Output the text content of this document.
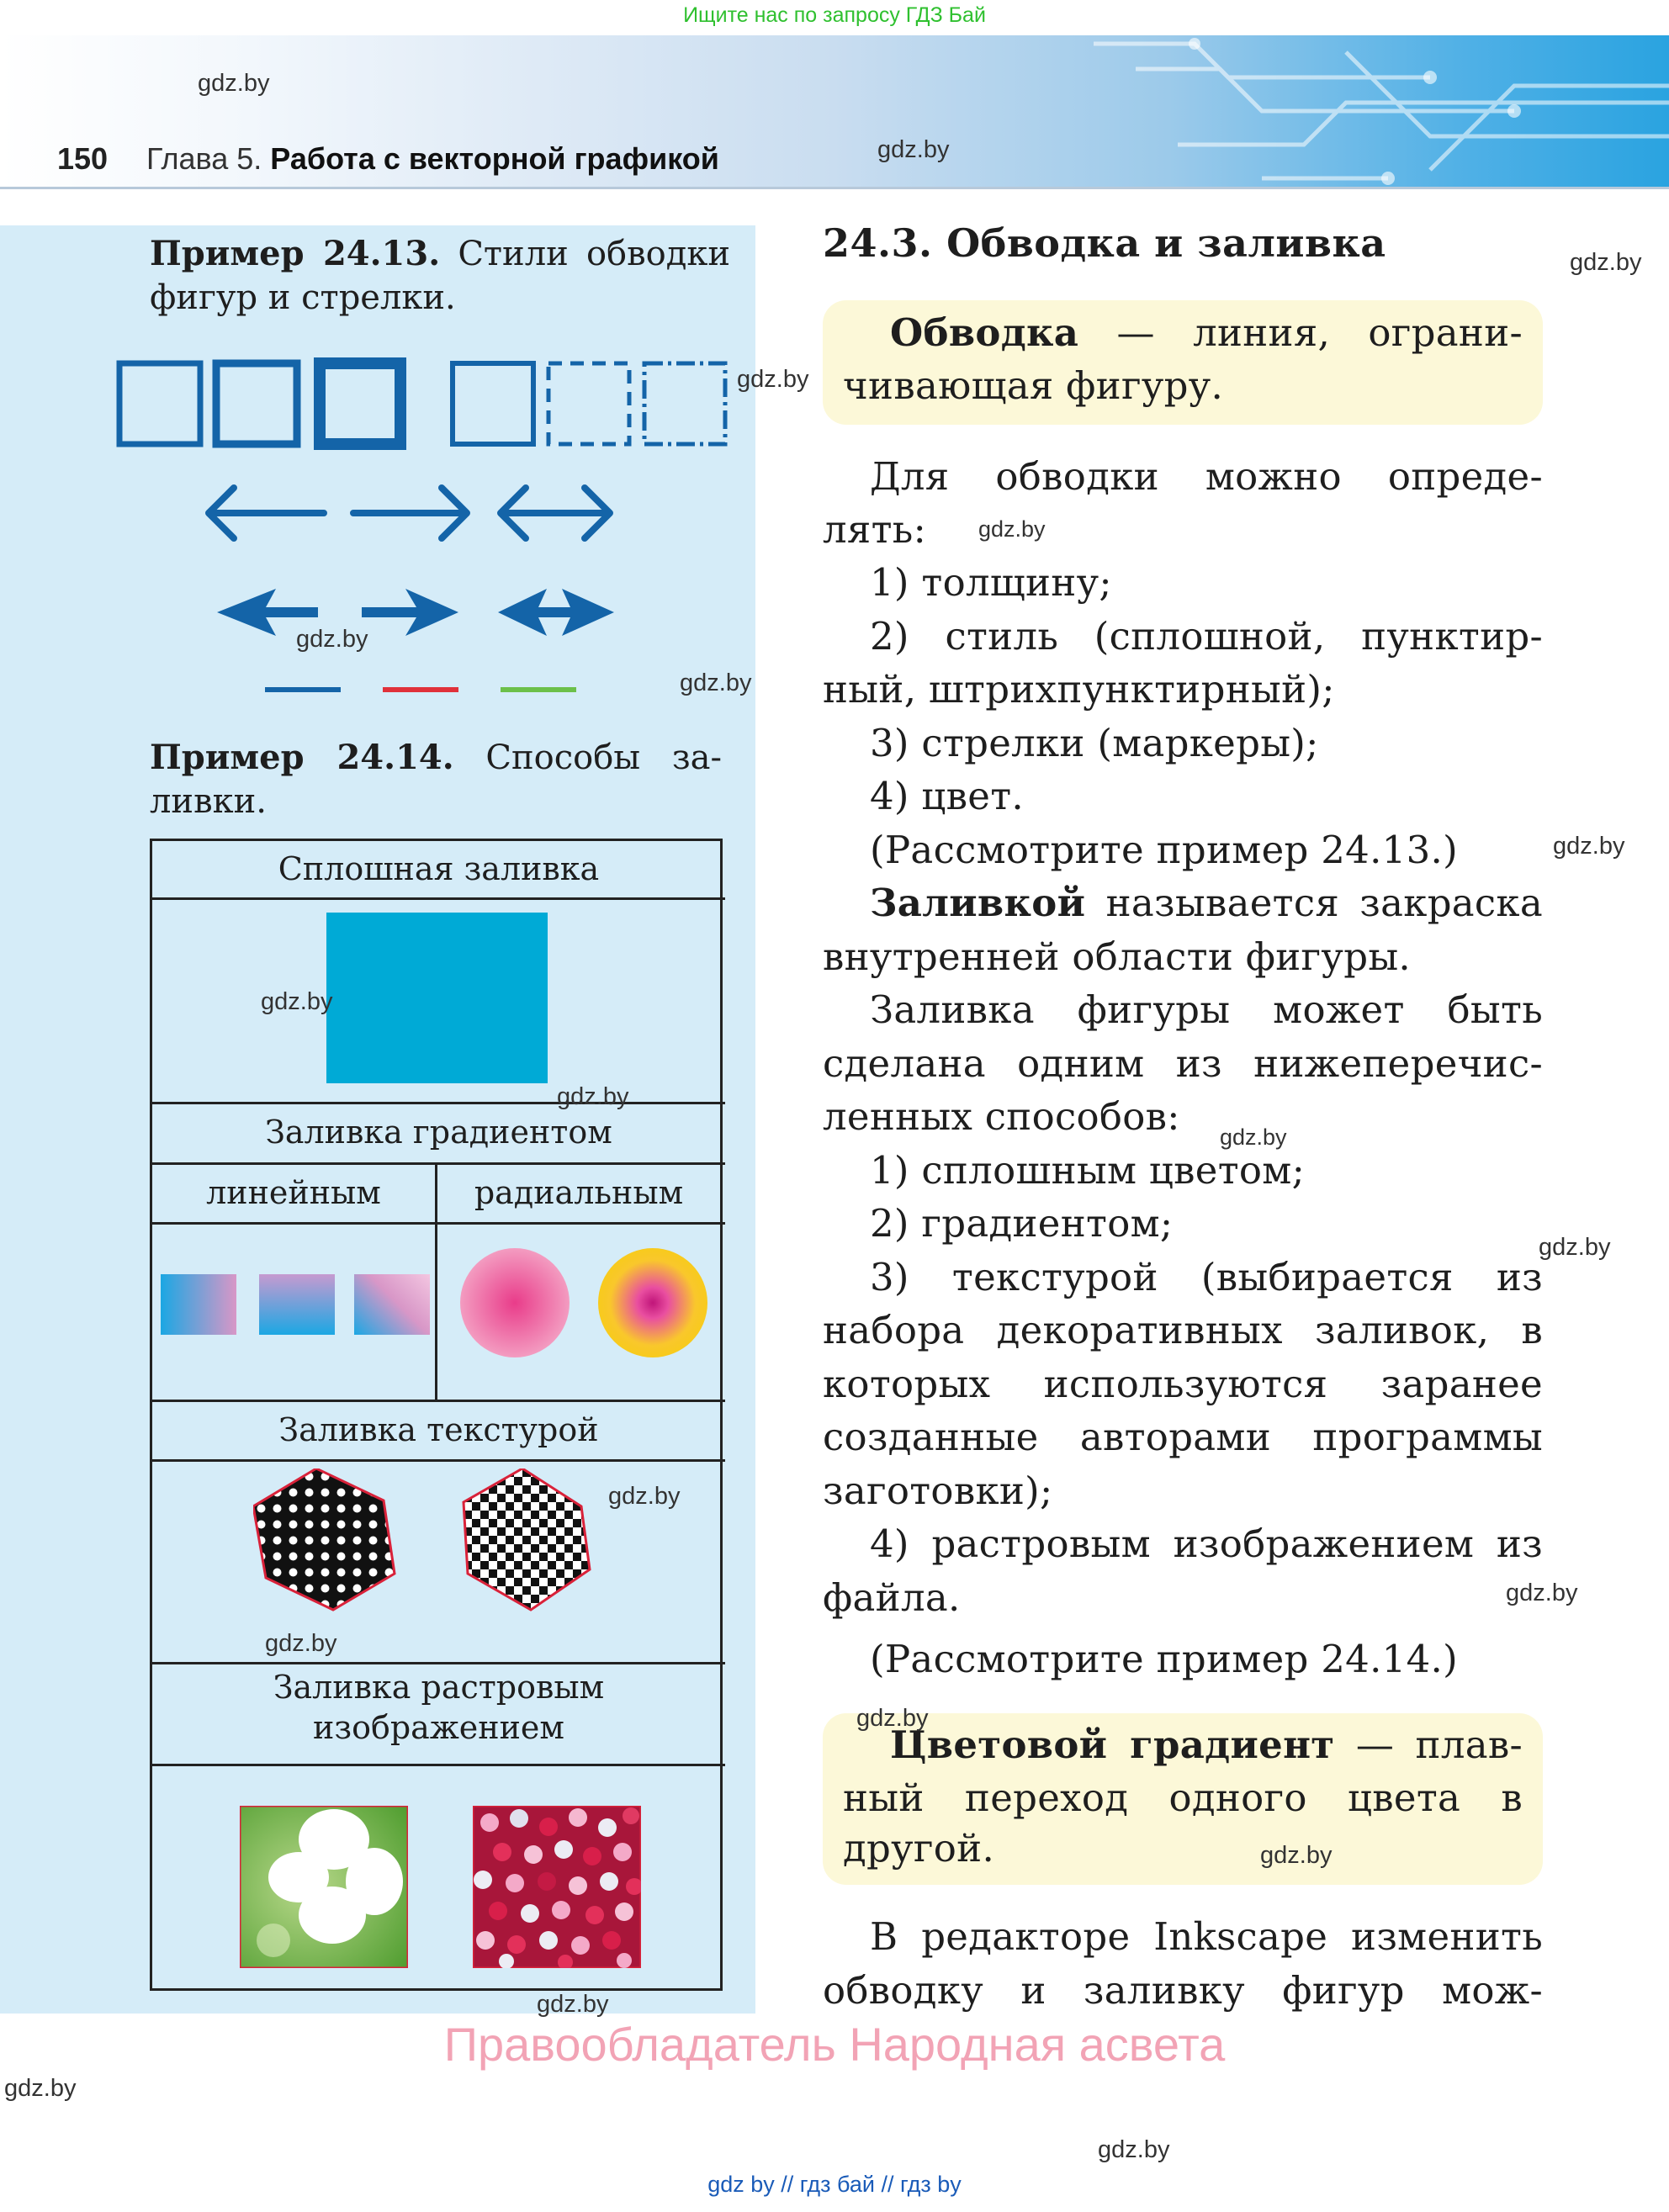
Ищите нас по запросу ГДЗ Бай
150 Глава 5. Работа с векторной графикой
Пример 24.13. Стили обводки фигур и стрелки.
Пример 24.14. Способы за- ливки.
Сплошная заливка
Заливка градиентом
линейным	радиальным
Заливка текстурой
Заливка растровым
изображением
24.3. Обводка и заливка
Обводка — линия, ограни-
чивающая фигуру.
Для обводки можно опреде-
лять:
1) толщину;
2) стиль (сплошной, пунктир-
ный, штрихпунктирный);
3) стрелки (маркеры);
4) цвет.
(Рассмотрите пример 24.13.)
Заливкой называется закраска
внутренней области фигуры.
Заливка фигуры может быть
сделана одним из нижеперечис-
ленных способов:
1) сплошным цветом;
2) градиентом;
3) текстурой (выбирается из
набора декоративных заливок, в
которых используются заранее
созданные авторами программы
заготовки);
4) растровым изображением из
файла.
(Рассмотрите пример 24.14.)
Цветовой градиент — плав-
ный переход одного цвета в
другой.
В редакторе Inkscape изменить
обводку и заливку фигур мож-
gdz.by
gdz.by
gdz.by
gdz.by
gdz.by
gdz.by
gdz.by
gdz.by
gdz.by
gdz.by
gdz.by
gdz.by
gdz.by
gdz.by
gdz.by
gdz.by
gdz.by
gdz.by
gdz.by
gdz.by
Правообладатель Народная асвета
gdz by // гдз бай // гдз by
